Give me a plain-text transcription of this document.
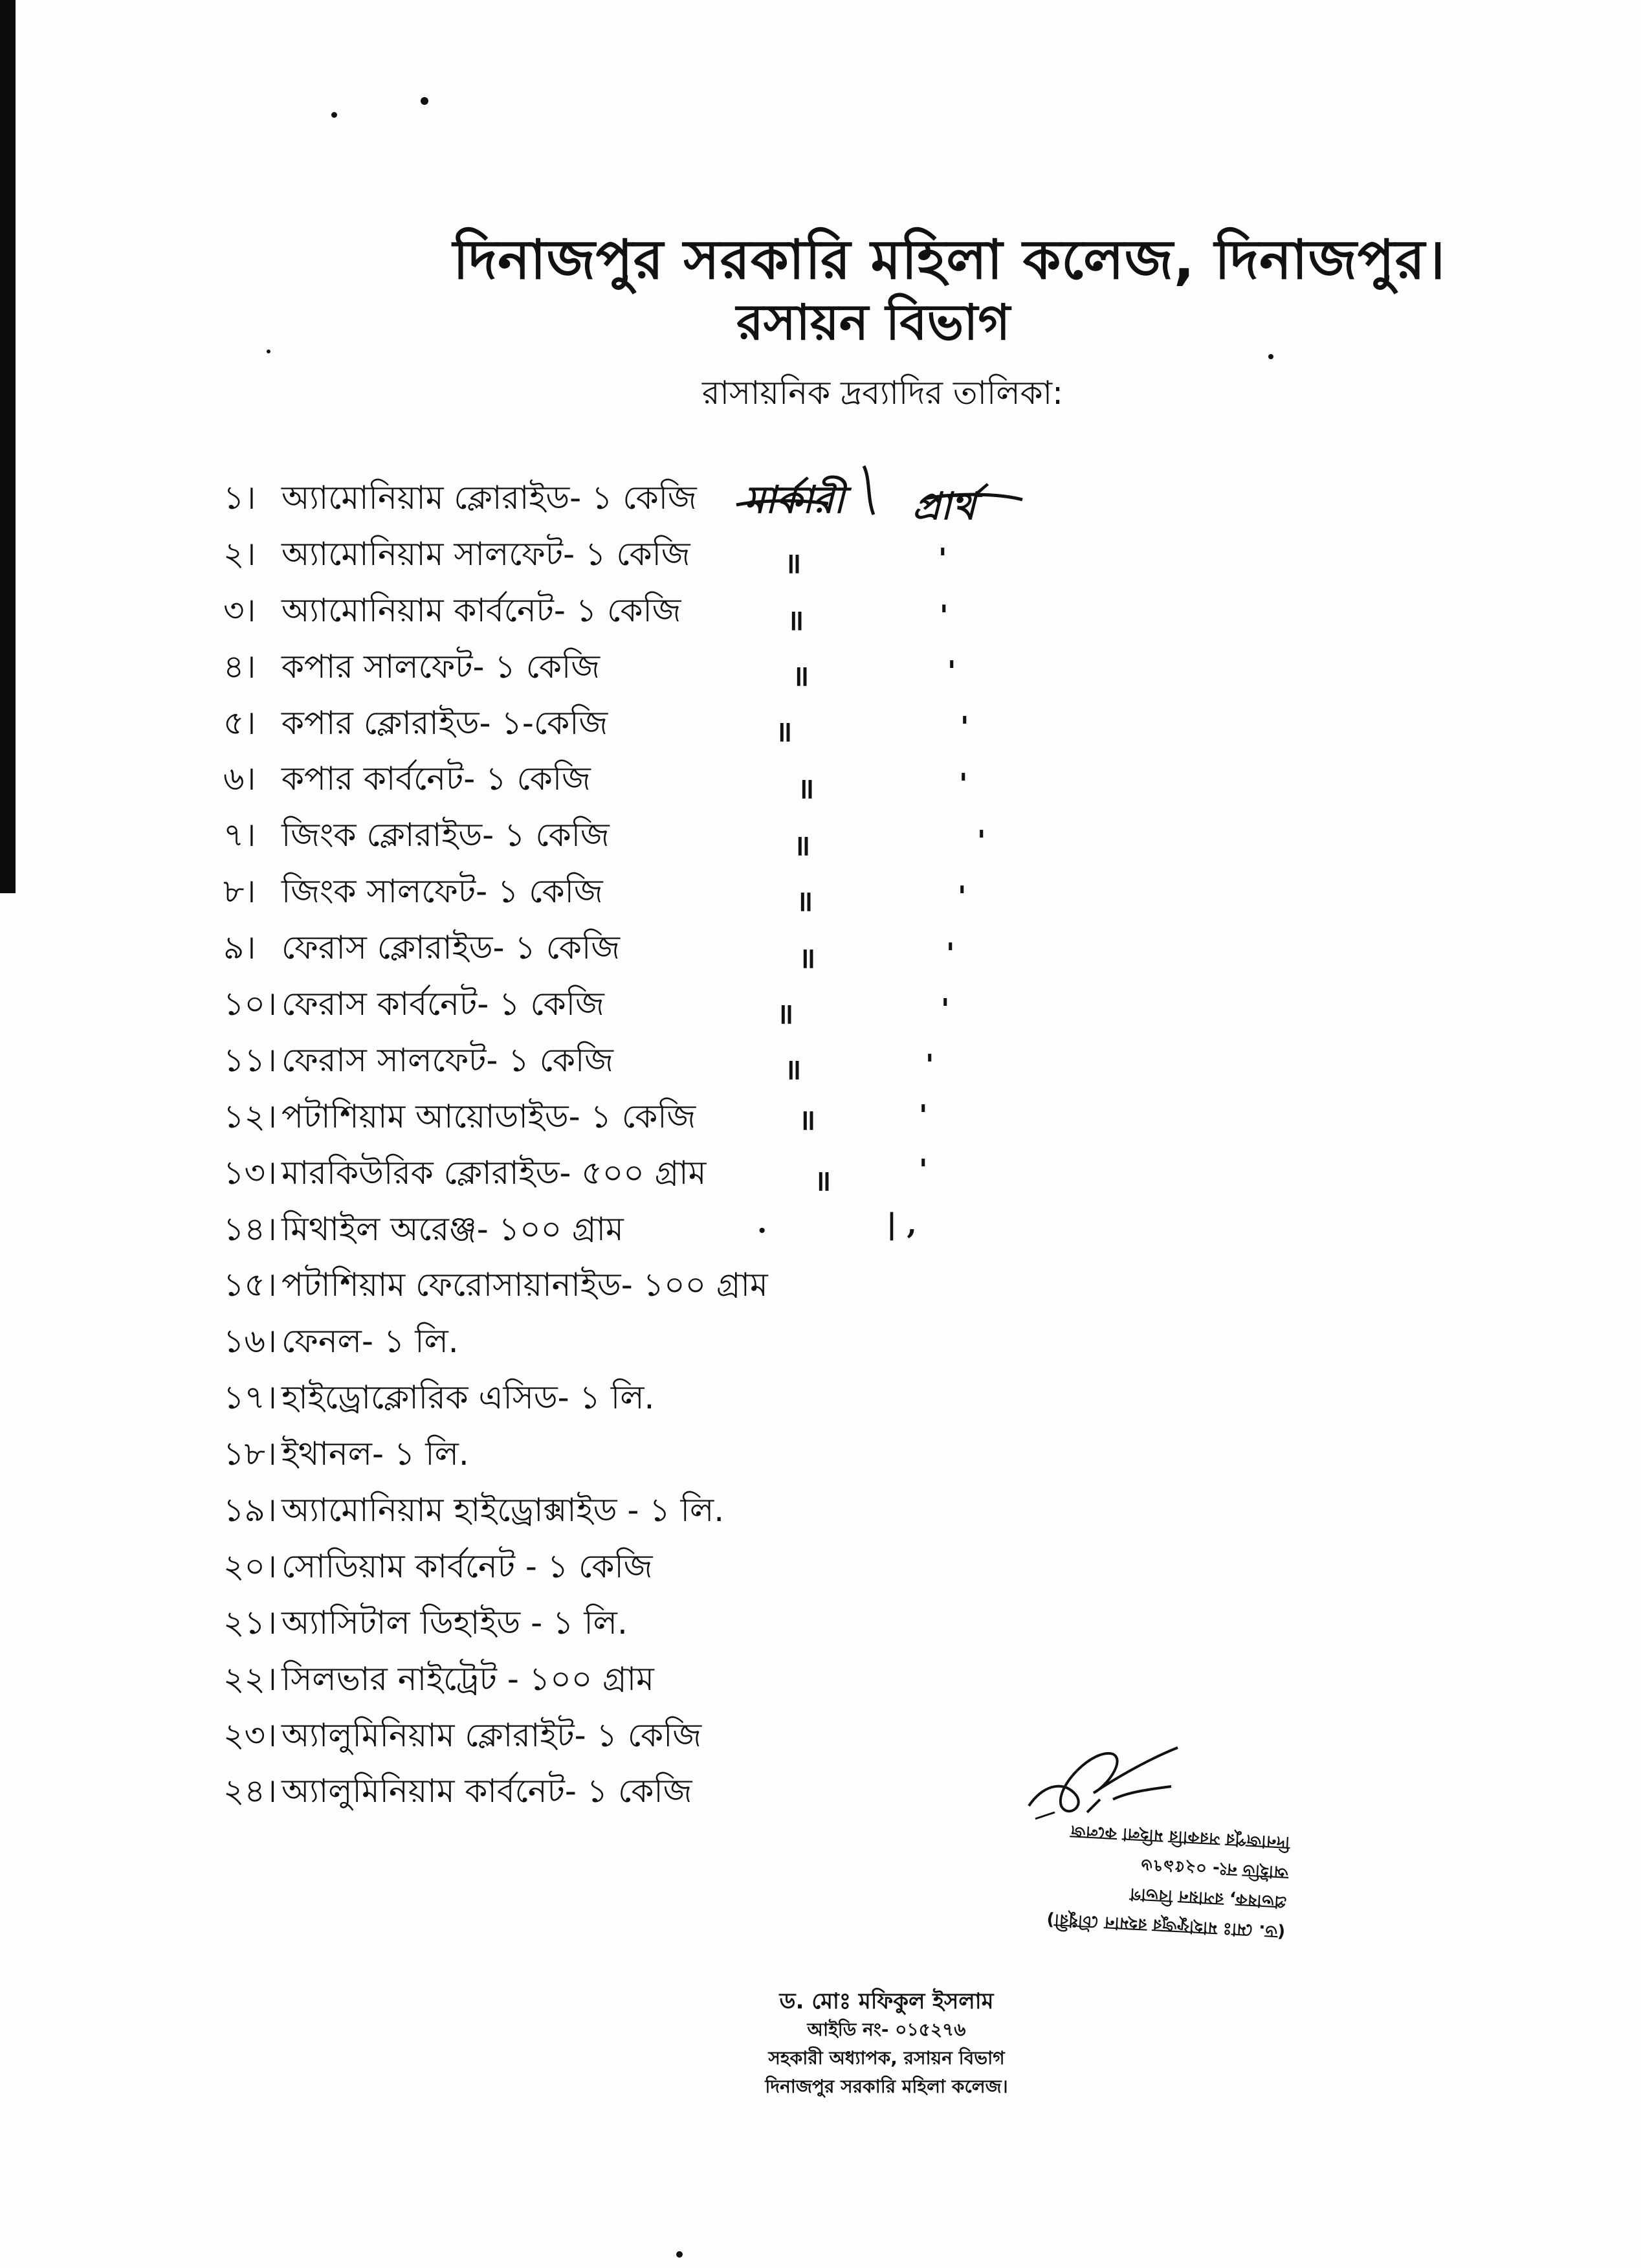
দিনাজপুর সরকারি মহিলা কলেজ, দিনাজপুর।
রসায়ন বিভাগ
রাসায়নিক দ্রব্যাদির তালিকা:
১। অ্যামোনিয়াম ক্লোরাইড- ১ কেজি
২। অ্যামোনিয়াম সালফেট- ১ কেজি
৩। অ্যামোনিয়াম কার্বনেট- ১ কেজি
৪। কপার সালফেট- ১ কেজি
৫। কপার ক্লোরাইড- ১-কেজি
৬। কপার কার্বনেট- ১ কেজি
৭। জিংক ক্লোরাইড- ১ কেজি
৮। জিংক সালফেট- ১ কেজি
৯। ফেরাস ক্লোরাইড- ১ কেজি
১০। ফেরাস কার্বনেট- ১ কেজি
১১। ফেরাস সালফেট- ১ কেজি
১২। পটাশিয়াম আয়োডাইড- ১ কেজি
১৩। মারকিউরিক ক্লোরাইড- ৫০০ গ্রাম
১৪। মিথাইল অরেঞ্জ- ১০০ গ্রাম
১৫। পটাশিয়াম ফেরোসায়ানাইড- ১০০ গ্রাম
১৬। ফেনল- ১ লি.
১৭। হাইড্রোক্লোরিক এসিড- ১ লি.
১৮। ইথানল- ১ লি.
১৯। অ্যামোনিয়াম হাইড্রোক্সাইড - ১ লি.
২০। সোডিয়াম কার্বনেট - ১ কেজি
২১। অ্যাসিটাল ডিহাইড - ১ লি.
২২। সিলভার নাইট্রেট - ১০০ গ্রাম
২৩। অ্যালুমিনিয়াম ক্লোরাইট- ১ কেজি
২৪। অ্যালুমিনিয়াম কার্বনেট- ১ কেজি
মার্কারী প্রার্থ
॥
॥
॥
॥
॥
॥
॥
॥
॥
॥
॥
॥
·
'
'
'
'
'
'
'
'
'
'
'
'
| ,
(ড. মোঃ মাহাফুজুর রহমান চৌধুরী)
প্রভাষক, রসায়ন বিভাগ
আইডি নং- ০২৫৯৭৬
দিনাজপুর সরকারি মহিলা কলেজ
ড. মোঃ মফিকুল ইসলাম
আইডি নং- ০১৫২৭৬
সহকারী অধ্যাপক, রসায়ন বিভাগ
দিনাজপুর সরকারি মহিলা কলেজ।
